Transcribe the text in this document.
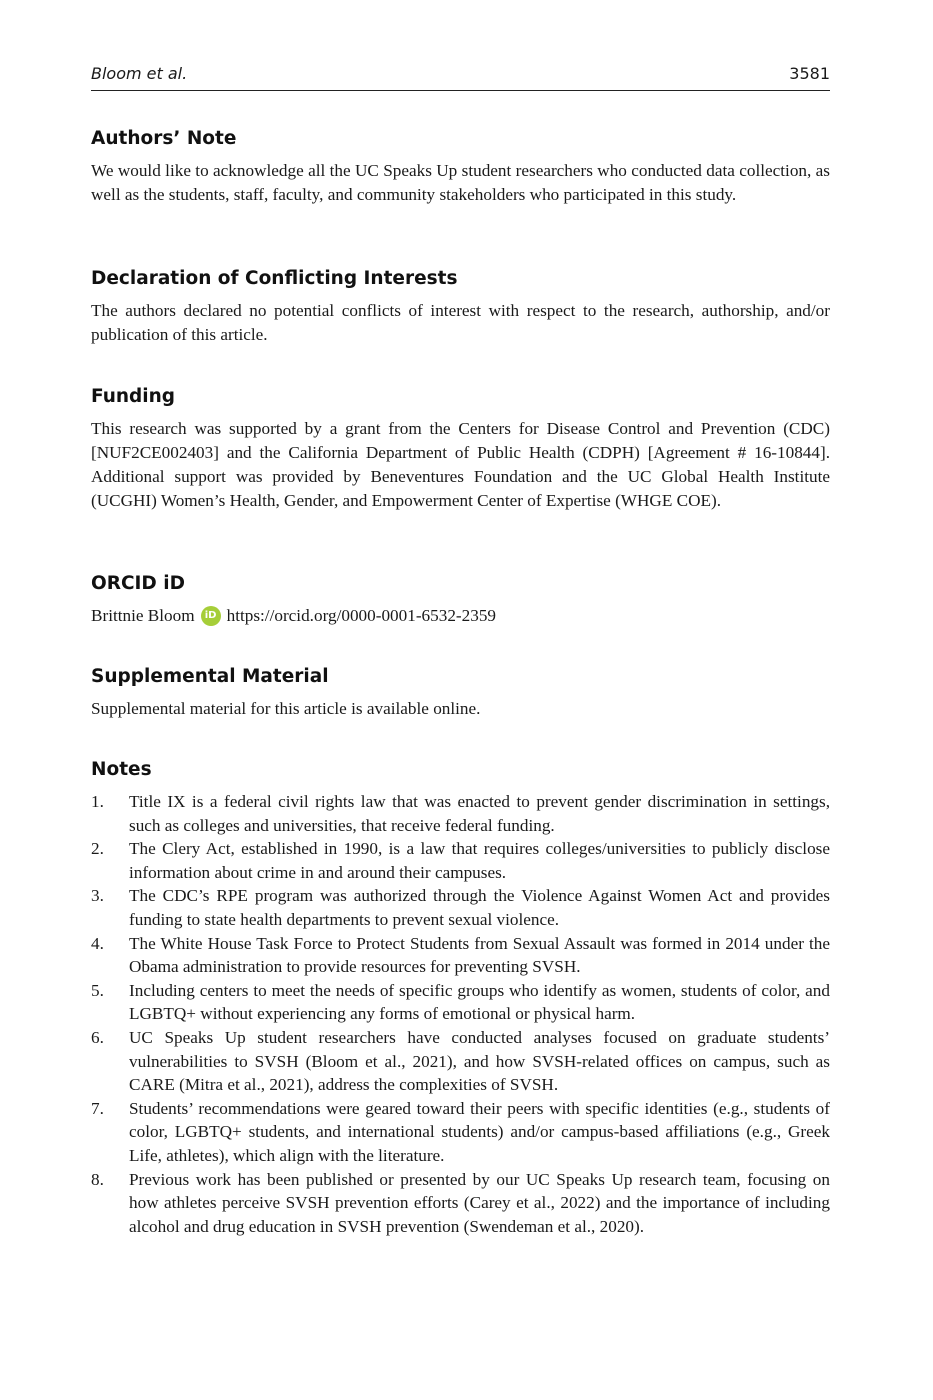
Bloom et al.	3581
Authors’ Note

We would like to acknowledge all the UC Speaks Up student researchers who conducted data collection, as well as the students, staff, faculty, and community stakeholders who participated in this study.

Declaration of Conflicting Interests

The authors declared no potential conflicts of interest with respect to the research, authorship, and/or publication of this article.

Funding

This research was supported by a grant from the Centers for Disease Control and Prevention (CDC) [NUF2CE002403] and the California Department of Public Health (CDPH) [Agreement # 16-10844]. Additional support was provided by Beneventures Foundation and the UC Global Health Institute (UCGHI) Women’s Health, Gender, and Empowerment Center of Expertise (WHGE COE).

ORCID iD
Brittnie Bloom	iD https://orcid.org/0000-0001-6532-2359
Supplemental Material

Supplemental material for this article is available online.

Notes
1. Title IX is a federal civil rights law that was enacted to prevent gender discrimination in settings, such as colleges and universities, that receive federal funding.
2. The Clery Act, established in 1990, is a law that requires colleges/universities to publicly disclose information about crime in and around their campuses.
3. The CDC’s RPE program was authorized through the Violence Against Women Act and provides funding to state health departments to prevent sexual violence.
4. The White House Task Force to Protect Students from Sexual Assault was formed in 2014 under the Obama administration to provide resources for preventing SVSH.
5. Including centers to meet the needs of specific groups who identify as women, students of color, and LGBTQ+ without experiencing any forms of emotional or physical harm.
6. UC Speaks Up student researchers have conducted analyses focused on graduate students’ vulnerabilities to SVSH (Bloom et al., 2021), and how SVSH-related offices on campus, such as CARE (Mitra et al., 2021), address the complexities of SVSH.
7. Students’ recommendations were geared toward their peers with specific identities (e.g., students of color, LGBTQ+ students, and international students) and/or campus-based affiliations (e.g., Greek Life, athletes), which align with the literature.
8. Previous work has been published or presented by our UC Speaks Up research team, focusing on how athletes perceive SVSH prevention efforts (Carey et al., 2022) and the importance of including alcohol and drug education in SVSH prevention (Swendeman et al., 2020).
